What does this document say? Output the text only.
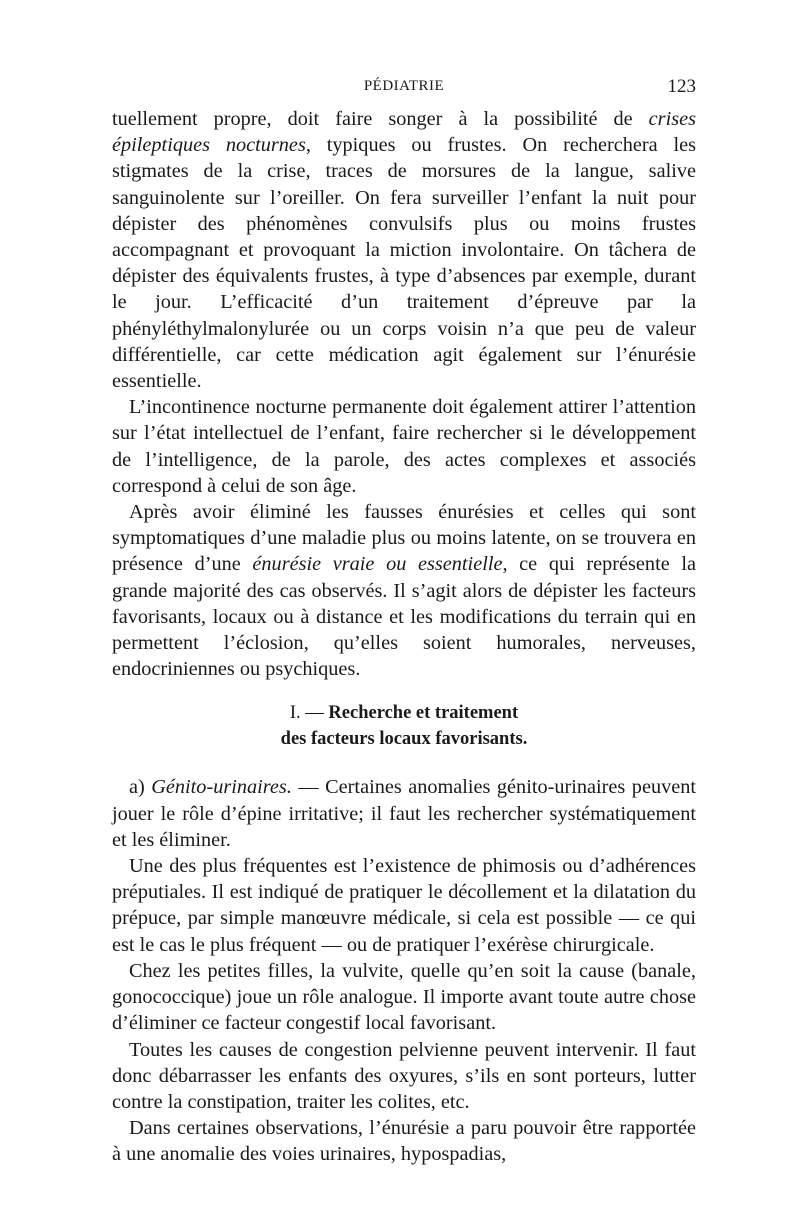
PÉDIATRIE	123

tuellement propre, doit faire songer à la possibilité de crises épileptiques nocturnes, typiques ou frustes. On recherchera les stigmates de la crise, traces de morsures de la langue, salive sanguinolente sur l’oreiller. On fera surveiller l’enfant la nuit pour dépister des phénomènes convulsifs plus ou moins frustes accompagnant et provoquant la miction involontaire. On tâchera de dépister des équivalents frustes, à type d’absences par exemple, durant le jour. L’efficacité d’un traitement d’épreuve par la phényléthylmalonylurée ou un corps voisin n’a que peu de valeur différentielle, car cette médication agit également sur l’énurésie essentielle.

L’incontinence nocturne permanente doit également attirer l’attention sur l’état intellectuel de l’enfant, faire rechercher si le développement de l’intelligence, de la parole, des actes complexes et associés correspond à celui de son âge.

Après avoir éliminé les fausses énurésies et celles qui sont symptomatiques d’une maladie plus ou moins latente, on se trouvera en présence d’une énurésie vraie ou essentielle, ce qui représente la grande majorité des cas observés. Il s’agit alors de dépister les facteurs favorisants, locaux ou à distance et les modifications du terrain qui en permettent l’éclosion, qu’elles soient humorales, nerveuses, endocriniennes ou psychiques.

I. — Recherche et traitement
des facteurs locaux favorisants.

a) Génito-urinaires. — Certaines anomalies génito-urinaires peuvent jouer le rôle d’épine irritative; il faut les rechercher systématiquement et les éliminer.

Une des plus fréquentes est l’existence de phimosis ou d’adhérences préputiales. Il est indiqué de pratiquer le décollement et la dilatation du prépuce, par simple manœuvre médicale, si cela est possible — ce qui est le cas le plus fréquent — ou de pratiquer l’exérèse chirurgicale.

Chez les petites filles, la vulvite, quelle qu’en soit la cause (banale, gonococcique) joue un rôle analogue. Il importe avant toute autre chose d’éliminer ce facteur congestif local favorisant.

Toutes les causes de congestion pelvienne peuvent intervenir. Il faut donc débarrasser les enfants des oxyures, s’ils en sont porteurs, lutter contre la constipation, traiter les colites, etc.

Dans certaines observations, l’énurésie a paru pouvoir être rapportée à une anomalie des voies urinaires, hypospadias,
